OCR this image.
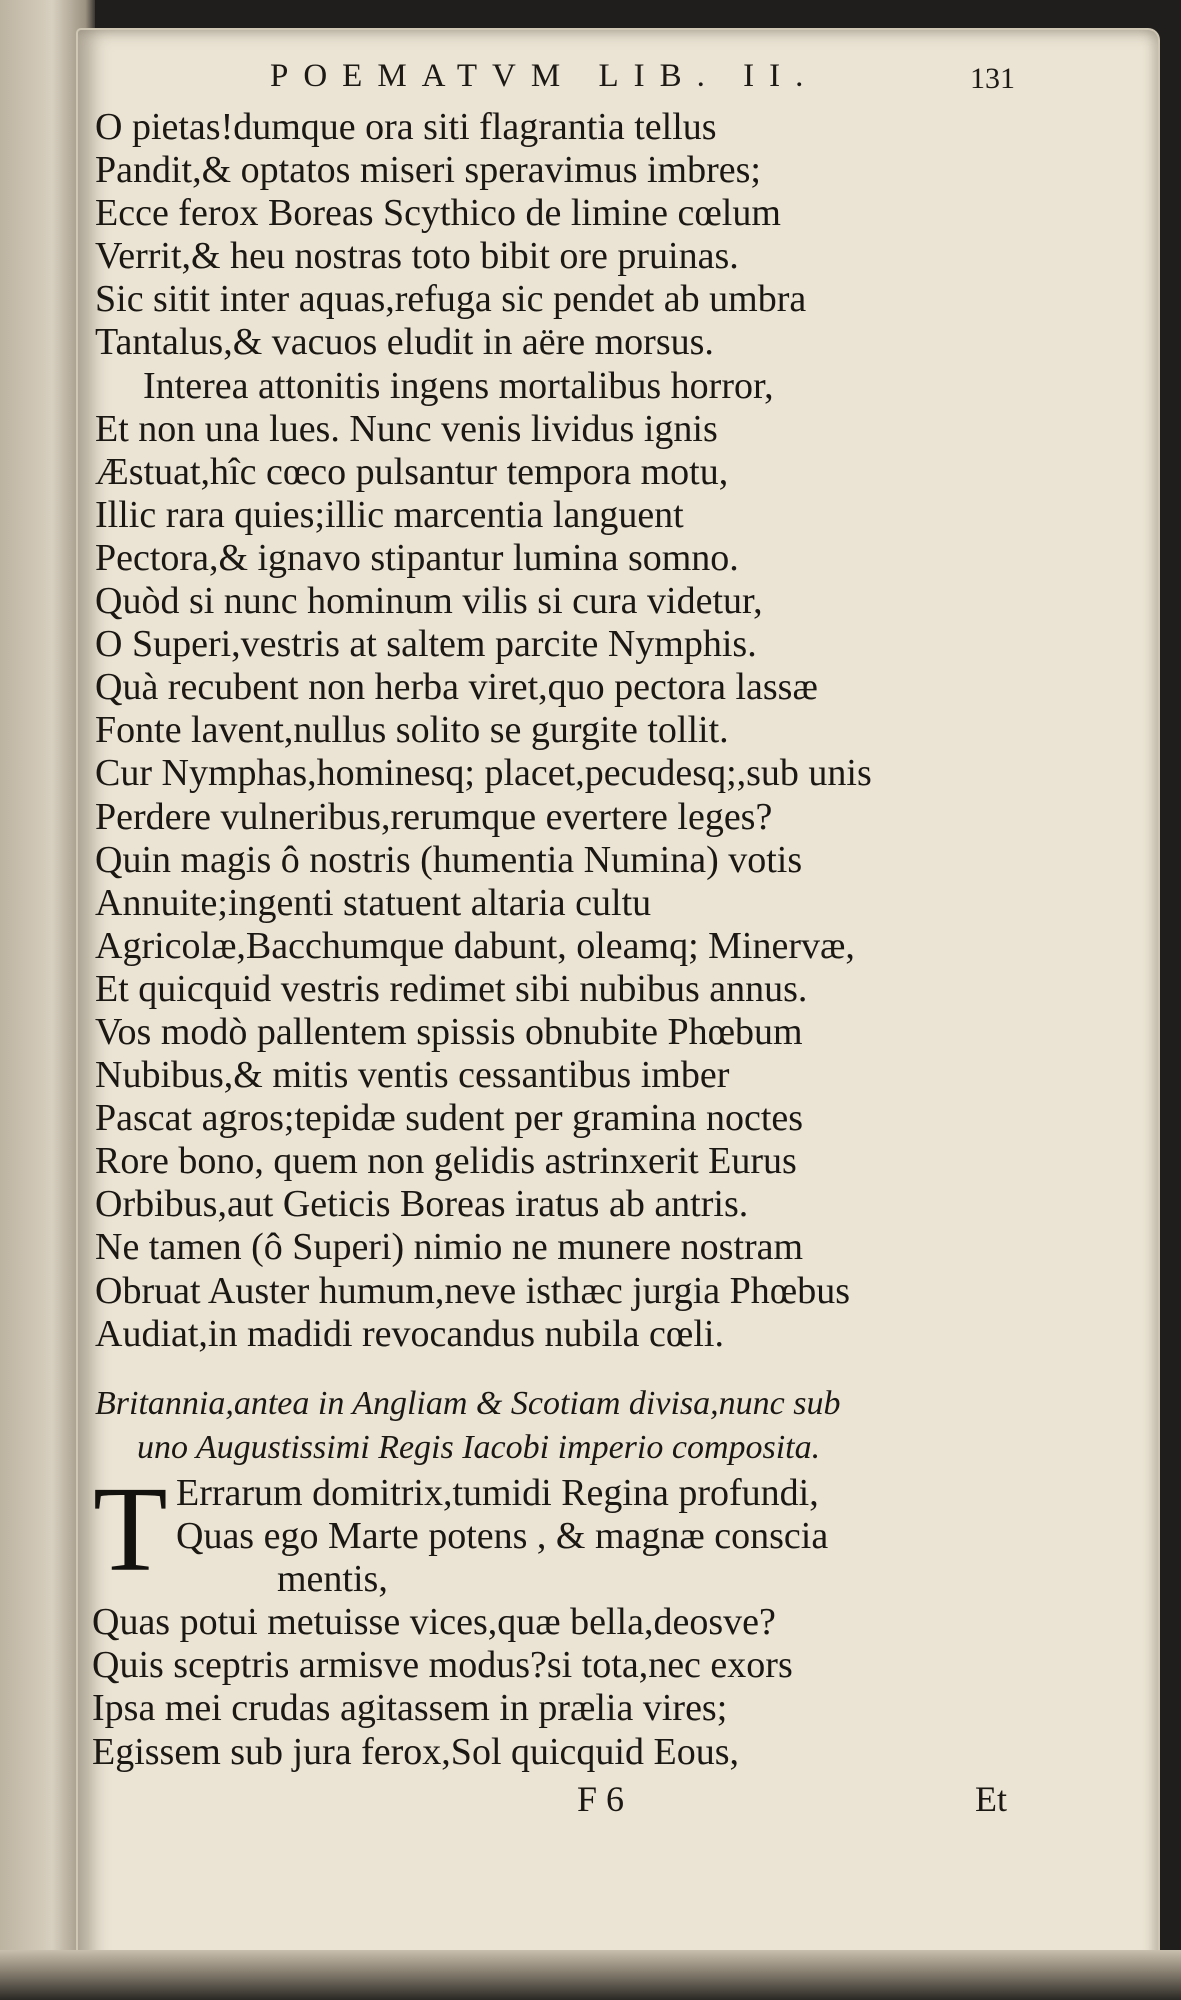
POEMATVM LIB. II.	131
O pietas!dumque ora siti flagrantia tellus
Pandit,& optatos miseri speravimus imbres;
Ecce ferox Boreas Scythico de limine cœlum
Verrit,& heu nostras toto bibit ore pruinas.
Sic sitit inter aquas,refuga sic pendet ab umbra
Tantalus,& vacuos eludit in aëre morsus.
Interea attonitis ingens mortalibus horror,
Et non una lues. Nunc venis lividus ignis
Æstuat,hîc cœco pulsantur tempora motu,
Illic rara quies;illic marcentia languent
Pectora,& ignavo stipantur lumina somno.
Quòd si nunc hominum vilis si cura videtur,
O Superi,vestris at saltem parcite Nymphis.
Quà recubent non herba viret,quo pectora lassæ
Fonte lavent,nullus solito se gurgite tollit.
Cur Nymphas,hominesq; placet,pecudesq;,sub unis
Perdere vulneribus,rerumque evertere leges?
Quin magis ô nostris (humentia Numina) votis
Annuite;ingenti statuent altaria cultu
Agricolæ,Bacchumque dabunt, oleamq; Minervæ,
Et quicquid vestris redimet sibi nubibus annus.
Vos modò pallentem spissis obnubite Phœbum
Nubibus,& mitis ventis cessantibus imber
Pascat agros;tepidæ sudent per gramina noctes
Rore bono, quem non gelidis astrinxerit Eurus
Orbibus,aut Geticis Boreas iratus ab antris.
Ne tamen (ô Superi) nimio ne munere nostram
Obruat Auster humum,neve isthæc jurgia Phœbus
Audiat,in madidi revocandus nubila cœli.
Britannia,antea in Angliam & Scotiam divisa,nunc sub
uno Augustissimi Regis Iacobi imperio composita.
T Errarum domitrix,tumidi Regina profundi,
Quas ego Marte potens , & magnæ conscia
mentis,
Quas potui metuisse vices,quæ bella,deosve?
Quis sceptris armisve modus?si tota,nec exors
Ipsa mei crudas agitassem in prælia vires;
Egissem sub jura ferox,Sol quicquid Eous,
F 6	Et
